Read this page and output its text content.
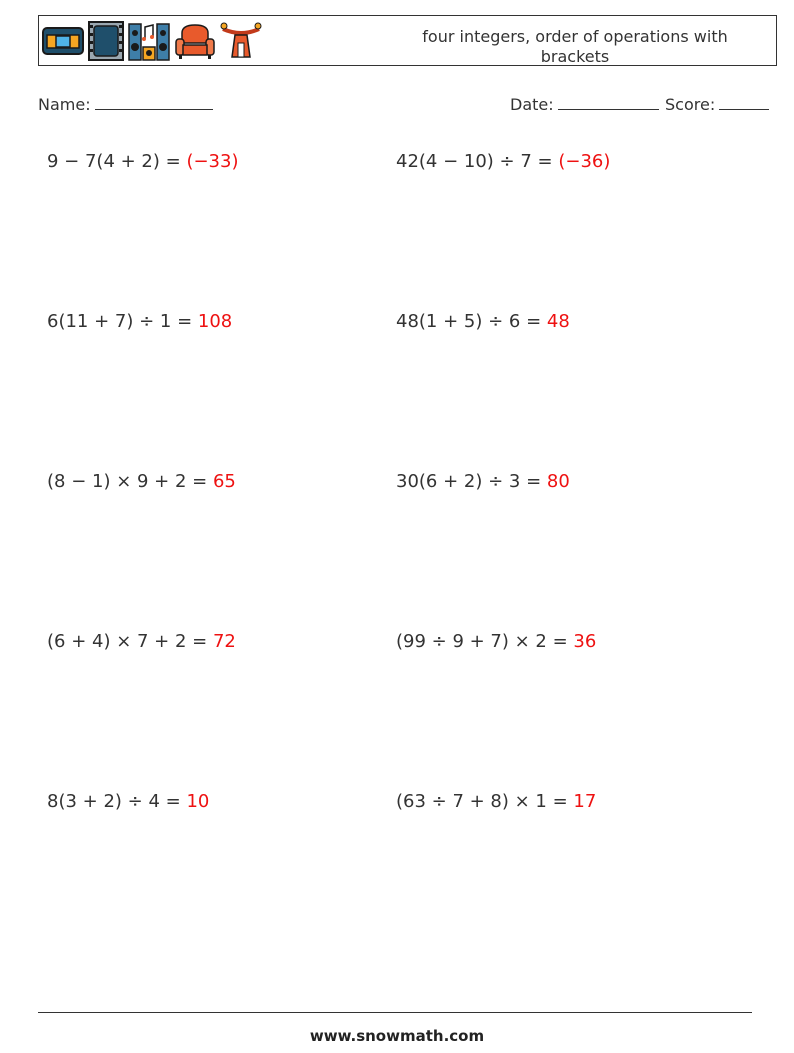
four integers, order of operations with brackets
Name:	Date:	Score:
9 − 7(4 + 2) = (−33)	42(4 − 10) ÷ 7 = (−36)
6(11 + 7) ÷ 1 = 108	48(1 + 5) ÷ 6 = 48
(8 − 1) × 9 + 2 = 65	30(6 + 2) ÷ 3 = 80
(6 + 4) × 7 + 2 = 72	(99 ÷ 9 + 7) × 2 = 36
8(3 + 2) ÷ 4 = 10	(63 ÷ 7 + 8) × 1 = 17
www.snowmath.com
